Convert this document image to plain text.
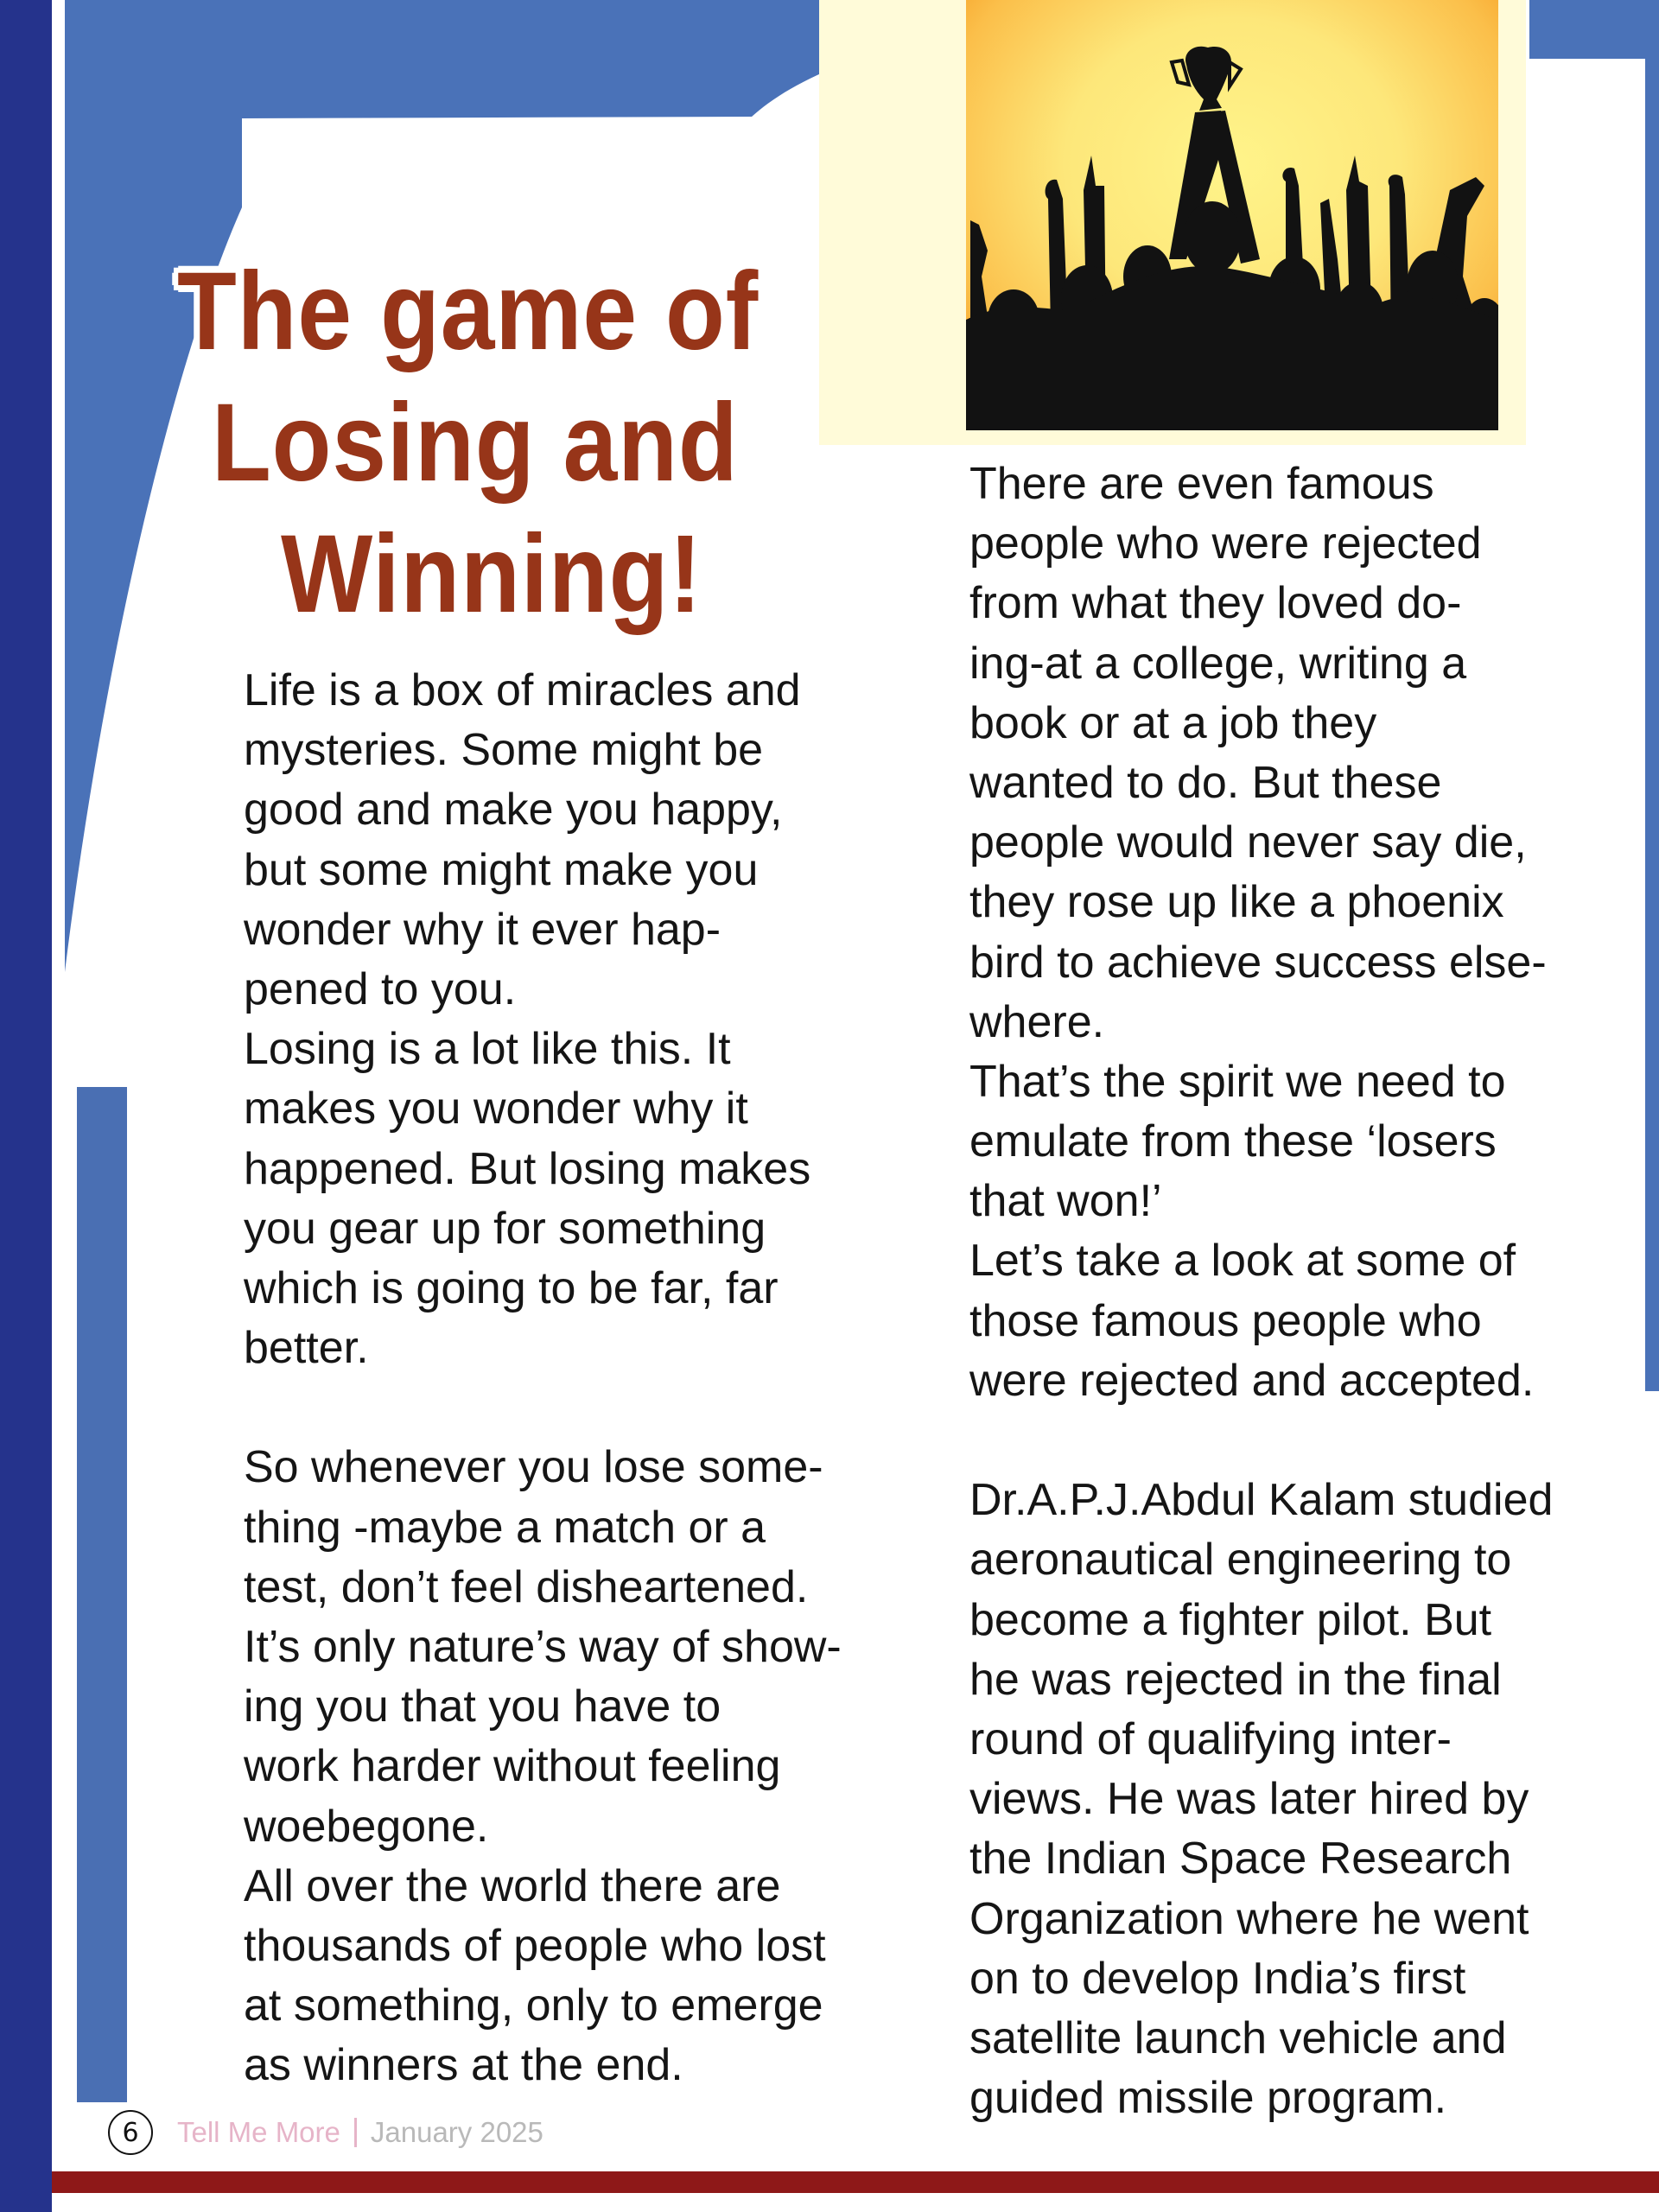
The game of
Losing and
Winning!
Life is a box of miracles and
mysteries. Some might be
good and make you happy,
but some might make you
wonder why it ever hap-
pened to you.
Losing is a lot like this. It
makes you wonder why it
happened. But losing makes
you gear up for something
which is going to be far, far
better.
So whenever you lose some-
thing -maybe a match or a
test, don’t feel disheartened.
It’s only nature’s way of show-
ing you that you have to
work harder without feeling
woebegone.
All over the world there are
thousands of people who lost
at something, only to emerge
as winners at the end.
There are even famous
people who were rejected
from what they loved do-
ing-at a college, writing a
book or at a job they
wanted to do. But these
people would never say die,
they rose up like a phoenix
bird to achieve success else-
where.
That’s the spirit we need to
emulate from these ‘losers
that won!’
Let’s take a look at some of
those famous people who
were rejected and accepted.
Dr.A.P.J.Abdul Kalam studied
aeronautical engineering to
become a fighter pilot. But
he was rejected in the final
round of qualifying inter-
views. He was later hired by
the Indian Space Research
Organization where he went
on to develop India’s first
satellite launch vehicle and
guided missile program.
6	Tell Me More January 2025
